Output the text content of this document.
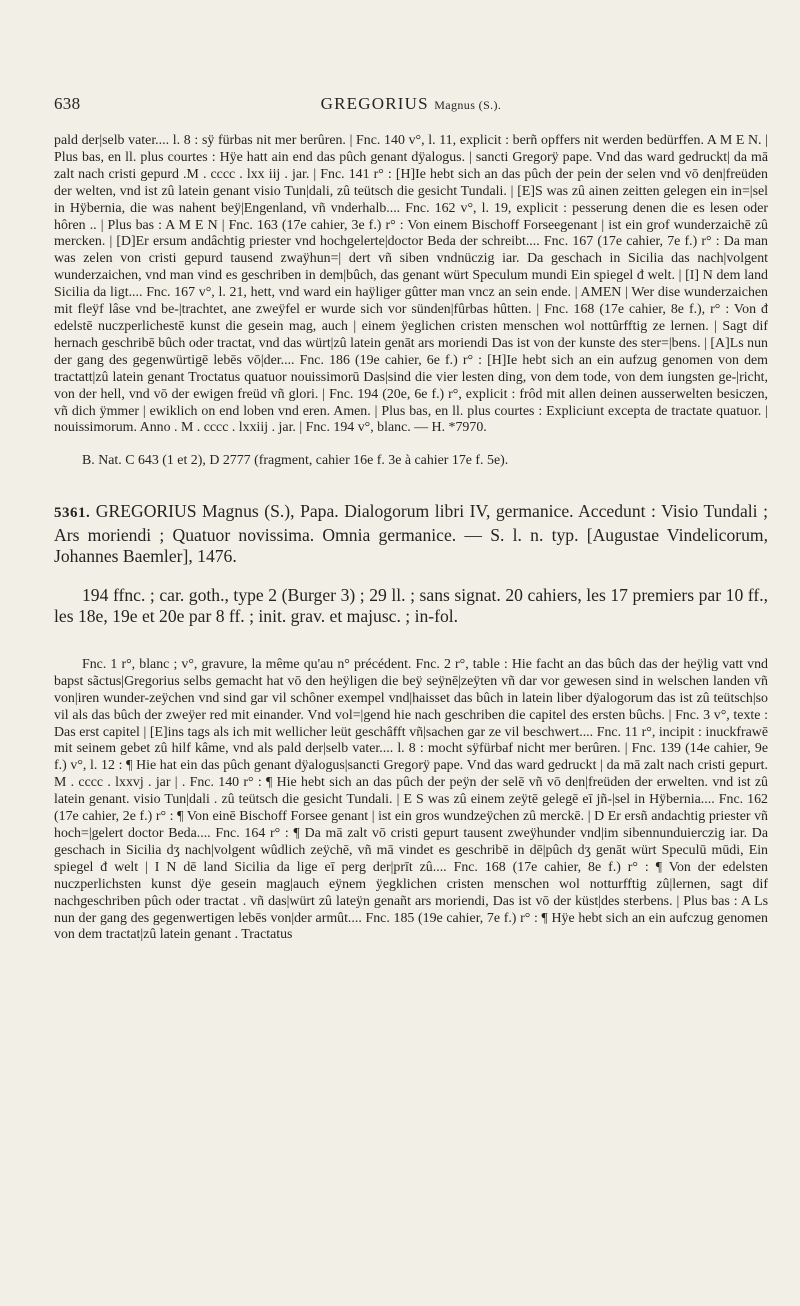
638	GREGORIUS Magnus (S.).

pald der|selb vater.... l. 8 : sÿ fürbas nit mer berûren. | Fnc. 140 v°, l. 11, explicit : berñ opffers nit werden bedürffen. A M E N. | Plus bas, en ll. plus courtes : Hÿe hatt ain end das pûch genant dÿalogus. | sancti Gregorÿ pape. Vnd das ward gedruckt| da mā zalt nach cristi gepurd .M . cccc . lxx iij . jar. | Fnc. 141 r° : [H]Ie hebt sich an das pûch der pein der selen vnd vō den|freüden der welten, vnd ist zû latein genant visio Tun|dali, zû teütsch die gesicht Tundali. | [E]S was zû ainen zeitten gelegen ein in=|sel in Hÿbernia, die was nahent beÿ|Engenland, vñ vnderhalb.... Fnc. 162 v°, l. 19, explicit : pesserung denen die es lesen oder hôren .. | Plus bas : A M E N | Fnc. 163 (17e cahier, 3e f.) r° : Von einem Bischoff Forseegenant | ist ein grof wunderzaichē zû mercken. | [D]Er ersum andâchtig priester vnd hochgelerte|doctor Beda der schreibt.... Fnc. 167 (17e cahier, 7e f.) r° : Da man was zelen von cristi gepurd tausend zwaÿhun=| dert vñ siben vndnüczig iar. Da geschach in Sicilia das nach|volgent wunderzaichen, vnd man vind es geschriben in dem|bûch, das genant würt Speculum mundi Ein spiegel đ welt. | [I] N dem land Sicilia da ligt.... Fnc. 167 v°, l. 21, hett, vnd ward ein haÿliger gûtter man vncz an sein ende. | AMEN | Wer dise wunderzaichen mit fleÿf lâse vnd be-|trachtet, ane zweÿfel er wurde sich vor sünden|fûrbas hûtten. | Fnc. 168 (17e cahier, 8e f.), r° : Von đ edelstē nuczperlichestē kunst die gesein mag, auch | einem ÿeglichen cristen menschen wol nottûrfftig ze lernen. | Sagt dif hernach geschribē bûch oder tractat, vnd das würt|zû latein genāt ars moriendi Das ist von der kunste des ster=|bens. | [A]Ls nun der gang des gegenwürtigē lebēs vō|der.... Fnc. 186 (19e cahier, 6e f.) r° : [H]Ie hebt sich an ein aufzug genomen von dem tractatt|zû latein genant Troctatus quatuor nouissimorū Das|sind die vier lesten ding, von dem tode, von dem iungsten ge-|richt, von der hell, vnd vō der ewigen freüd vñ glori. | Fnc. 194 (20e, 6e f.) r°, explicit : frôd mit allen deinen ausserwelten besiczen, vñ dich ÿmmer | ewiklich on end loben vnd eren. Amen. | Plus bas, en ll. plus courtes : Expliciunt excepta de tractate quatuor. | nouissimorum. Anno . M . cccc . lxxiij . jar. | Fnc. 194 v°, blanc. — H. *7970.

B. Nat. C 643 (1 et 2), D 2777 (fragment, cahier 16e f. 3e à cahier 17e f. 5e).

5361. GREGORIUS Magnus (S.), Papa. Dialogorum libri IV, germanice. Accedunt : Visio Tundali ; Ars moriendi ; Quatuor novissima. Omnia germanice. — S. l. n. typ. [Augustae Vindelicorum, Johannes Baemler], 1476.

194 ffnc. ; car. goth., type 2 (Burger 3) ; 29 ll. ; sans signat. 20 cahiers, les 17 premiers par 10 ff., les 18e, 19e et 20e par 8 ff. ; init. grav. et majusc. ; in-fol.

Fnc. 1 r°, blanc ; v°, gravure, la même qu'au n° précédent. Fnc. 2 r°, table : Hie facht an das bûch das der heÿlig vatt vnd bapst sãctus|Gregorius selbs gemacht hat vō den heÿligen die beÿ seÿnē|zeÿten vñ dar vor gewesen sind in welschen landen vñ von|iren wunder-zeÿchen vnd sind gar vil schôner exempel vnd|haisset das bûch in latein liber dÿalogorum das ist zû teütsch|so vil als das bûch der zweÿer red mit einander. Vnd vol=|gend hie nach geschriben die capitel des ersten bûchs. | Fnc. 3 v°, texte : Das erst capitel | [E]ins tags als ich mit wellicher leüt geschâfft vñ|sachen gar ze vil beschwert.... Fnc. 11 r°, incipit : inuckfrawē mit seinem gebet zû hilf kâme, vnd als pald der|selb vater.... l. 8 : mocht sÿfürbaf nicht mer berûren. | Fnc. 139 (14e cahier, 9e f.) v°, l. 12 : ¶ Hie hat ein das pûch genant dÿalogus|sancti Gregorÿ pape. Vnd das ward gedruckt | da mā zalt nach cristi gepurt. M . cccc . lxxvj . jar | . Fnc. 140 r° : ¶ Hie hebt sich an das pûch der peÿn der selē vñ vō den|freüden der erwelten. vnd ist zû latein genant. visio Tun|dali . zû teütsch die gesicht Tundali. | E S was zû einem zeÿtē gelegē eī jñ-|sel in Hÿbernia.... Fnc. 162 (17e cahier, 2e f.) r° : ¶ Von einē Bischoff Forsee genant | ist ein gros wundzeÿchen zû merckē. | D Er ersñ andachtig priester vñ hoch=|gelert doctor Beda.... Fnc. 164 r° : ¶ Da mā zalt vō cristi gepurt tausent zweÿhunder vnd|im sibennunduierczig iar. Da geschach in Sicilia dʒ nach|volgent wûdlich zeÿchē, vñ mā vindet es geschribē in dē|pûch dʒ genāt würt Speculū mūdi, Ein spiegel đ welt | I N dē land Sicilia da lige eī perg der|prīt zû.... Fnc. 168 (17e cahier, 8e f.) r° : ¶ Von der edelsten nuczperlichsten kunst dÿe gesein mag|auch eÿnem ÿegklichen cristen menschen wol notturfftig zû|lernen, sagt dif nachgeschriben pûch oder tractat . vñ das|würt zû lateÿn genañt ars moriendi, Das ist vō der küst|des sterbens. | Plus bas : A Ls nun der gang des gegenwertigen lebēs von|der armût.... Fnc. 185 (19e cahier, 7e f.) r° : ¶ Hÿe hebt sich an ein aufczug genomen von dem tractat|zû latein genant . Tractatus
